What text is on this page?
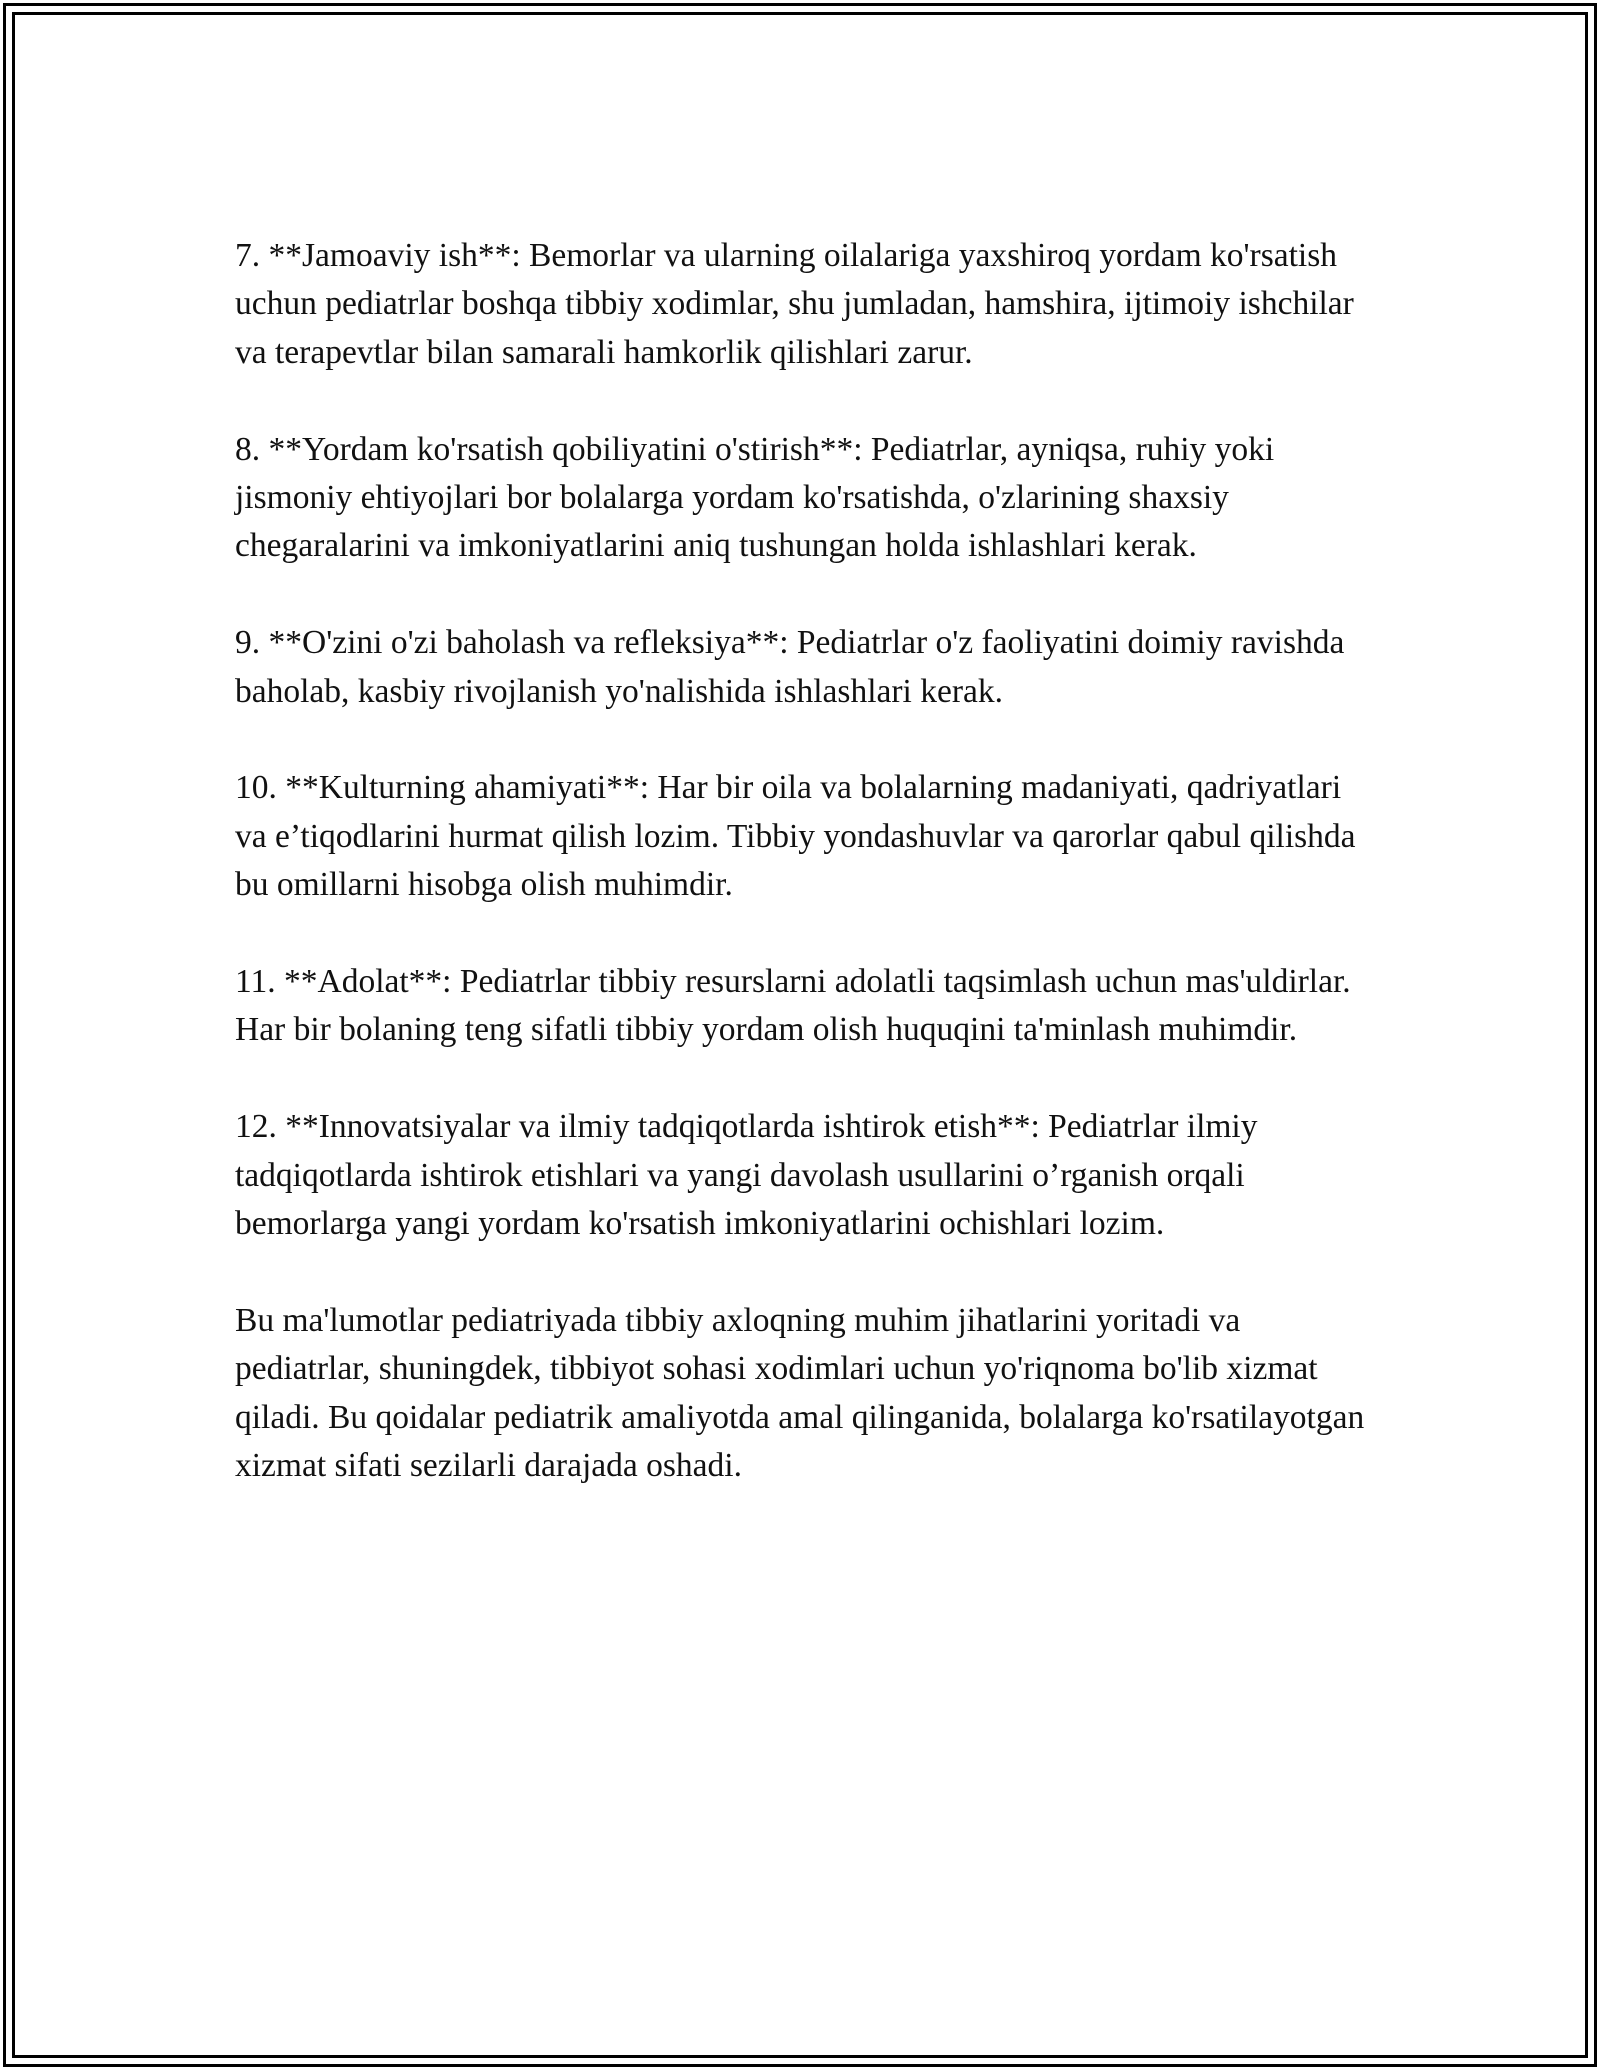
7. **Jamoaviy ish**: Bemorlar va ularning oilalariga yaxshiroq yordam ko'rsatish uchun pediatrlar boshqa tibbiy xodimlar, shu jumladan, hamshira, ijtimoiy ishchilar va terapevtlar bilan samarali hamkorlik qilishlari zarur.

8. **Yordam ko'rsatish qobiliyatini o'stirish**: Pediatrlar, ayniqsa, ruhiy yoki jismoniy ehtiyojlari bor bolalarga yordam ko'rsatishda, o'zlarining shaxsiy chegaralarini va imkoniyatlarini aniq tushungan holda ishlashlari kerak.

9. **O'zini o'zi baholash va refleksiya**: Pediatrlar o'z faoliyatini doimiy ravishda baholab, kasbiy rivojlanish yo'nalishida ishlashlari kerak.

10. **Kulturning ahamiyati**: Har bir oila va bolalarning madaniyati, qadriyatlari va e’tiqodlarini hurmat qilish lozim. Tibbiy yondashuvlar va qarorlar qabul qilishda bu omillarni hisobga olish muhimdir.

11. **Adolat**: Pediatrlar tibbiy resurslarni adolatli taqsimlash uchun mas'uldirlar. Har bir bolaning teng sifatli tibbiy yordam olish huquqini ta'minlash muhimdir.

12. **Innovatsiyalar va ilmiy tadqiqotlarda ishtirok etish**: Pediatrlar ilmiy tadqiqotlarda ishtirok etishlari va yangi davolash usullarini o’rganish orqali bemorlarga yangi yordam ko'rsatish imkoniyatlarini ochishlari lozim.

Bu ma'lumotlar pediatriyada tibbiy axloqning muhim jihatlarini yoritadi va pediatrlar, shuningdek, tibbiyot sohasi xodimlari uchun yo'riqnoma bo'lib xizmat qiladi. Bu qoidalar pediatrik amaliyotda amal qilinganida, bolalarga ko'rsatilayotgan xizmat sifati sezilarli darajada oshadi.
